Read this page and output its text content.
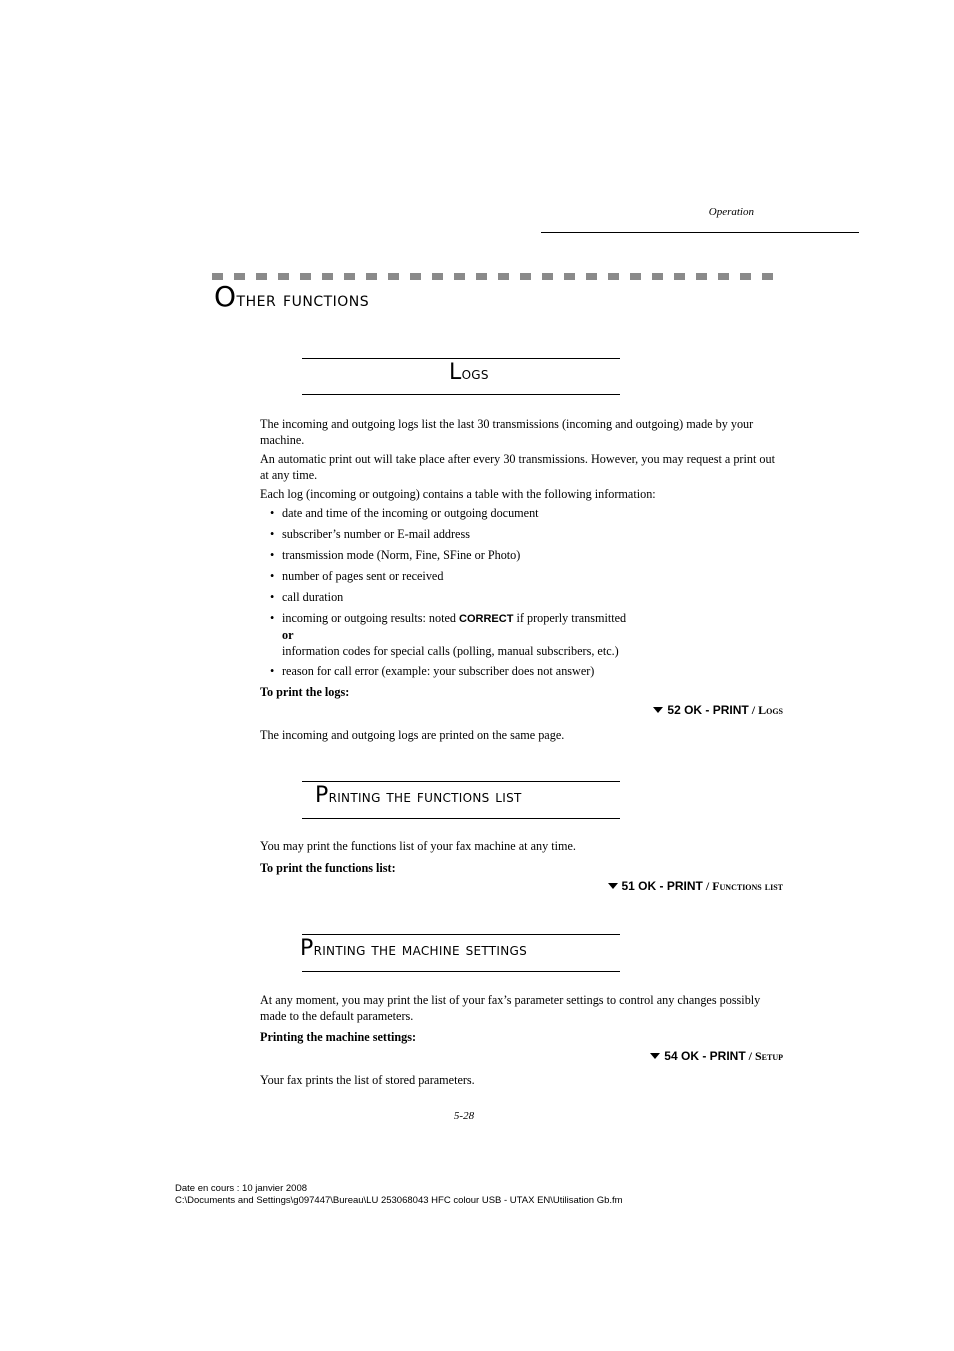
Operation
Other functions
Logs

The incoming and outgoing logs list the last 30 transmissions (incoming and outgoing) made by your machine.

An automatic print out will take place after every 30 transmissions. However, you may request a print out at any time.

Each log (incoming or outgoing) contains a table with the following information:

• date and time of the incoming or outgoing document
• subscriber’s number or E-mail address
• transmission mode (Norm, Fine, SFine or Photo)
• number of pages sent or received
• call duration
• incoming or outgoing results: noted CORRECT if properly transmitted
or
information codes for special calls (polling, manual subscribers, etc.)
• reason for call error (example: your subscriber does not answer)

To print the logs:

52 OK - PRINT / Logs

The incoming and outgoing logs are printed on the same page.

Printing the functions list

You may print the functions list of your fax machine at any time.

To print the functions list:

51 OK - PRINT / Functions list
Printing the machine settings

At any moment, you may print the list of your fax’s parameter settings to control any changes possibly made to the default parameters.

Printing the machine settings:

54 OK - PRINT / Setup

Your fax prints the list of stored parameters.

5-28
Date en cours : 10 janvier 2008
C:\Documents and Settings\g097447\Bureau\LU 253068043 HFC colour USB - UTAX EN\Utilisation Gb.fm
